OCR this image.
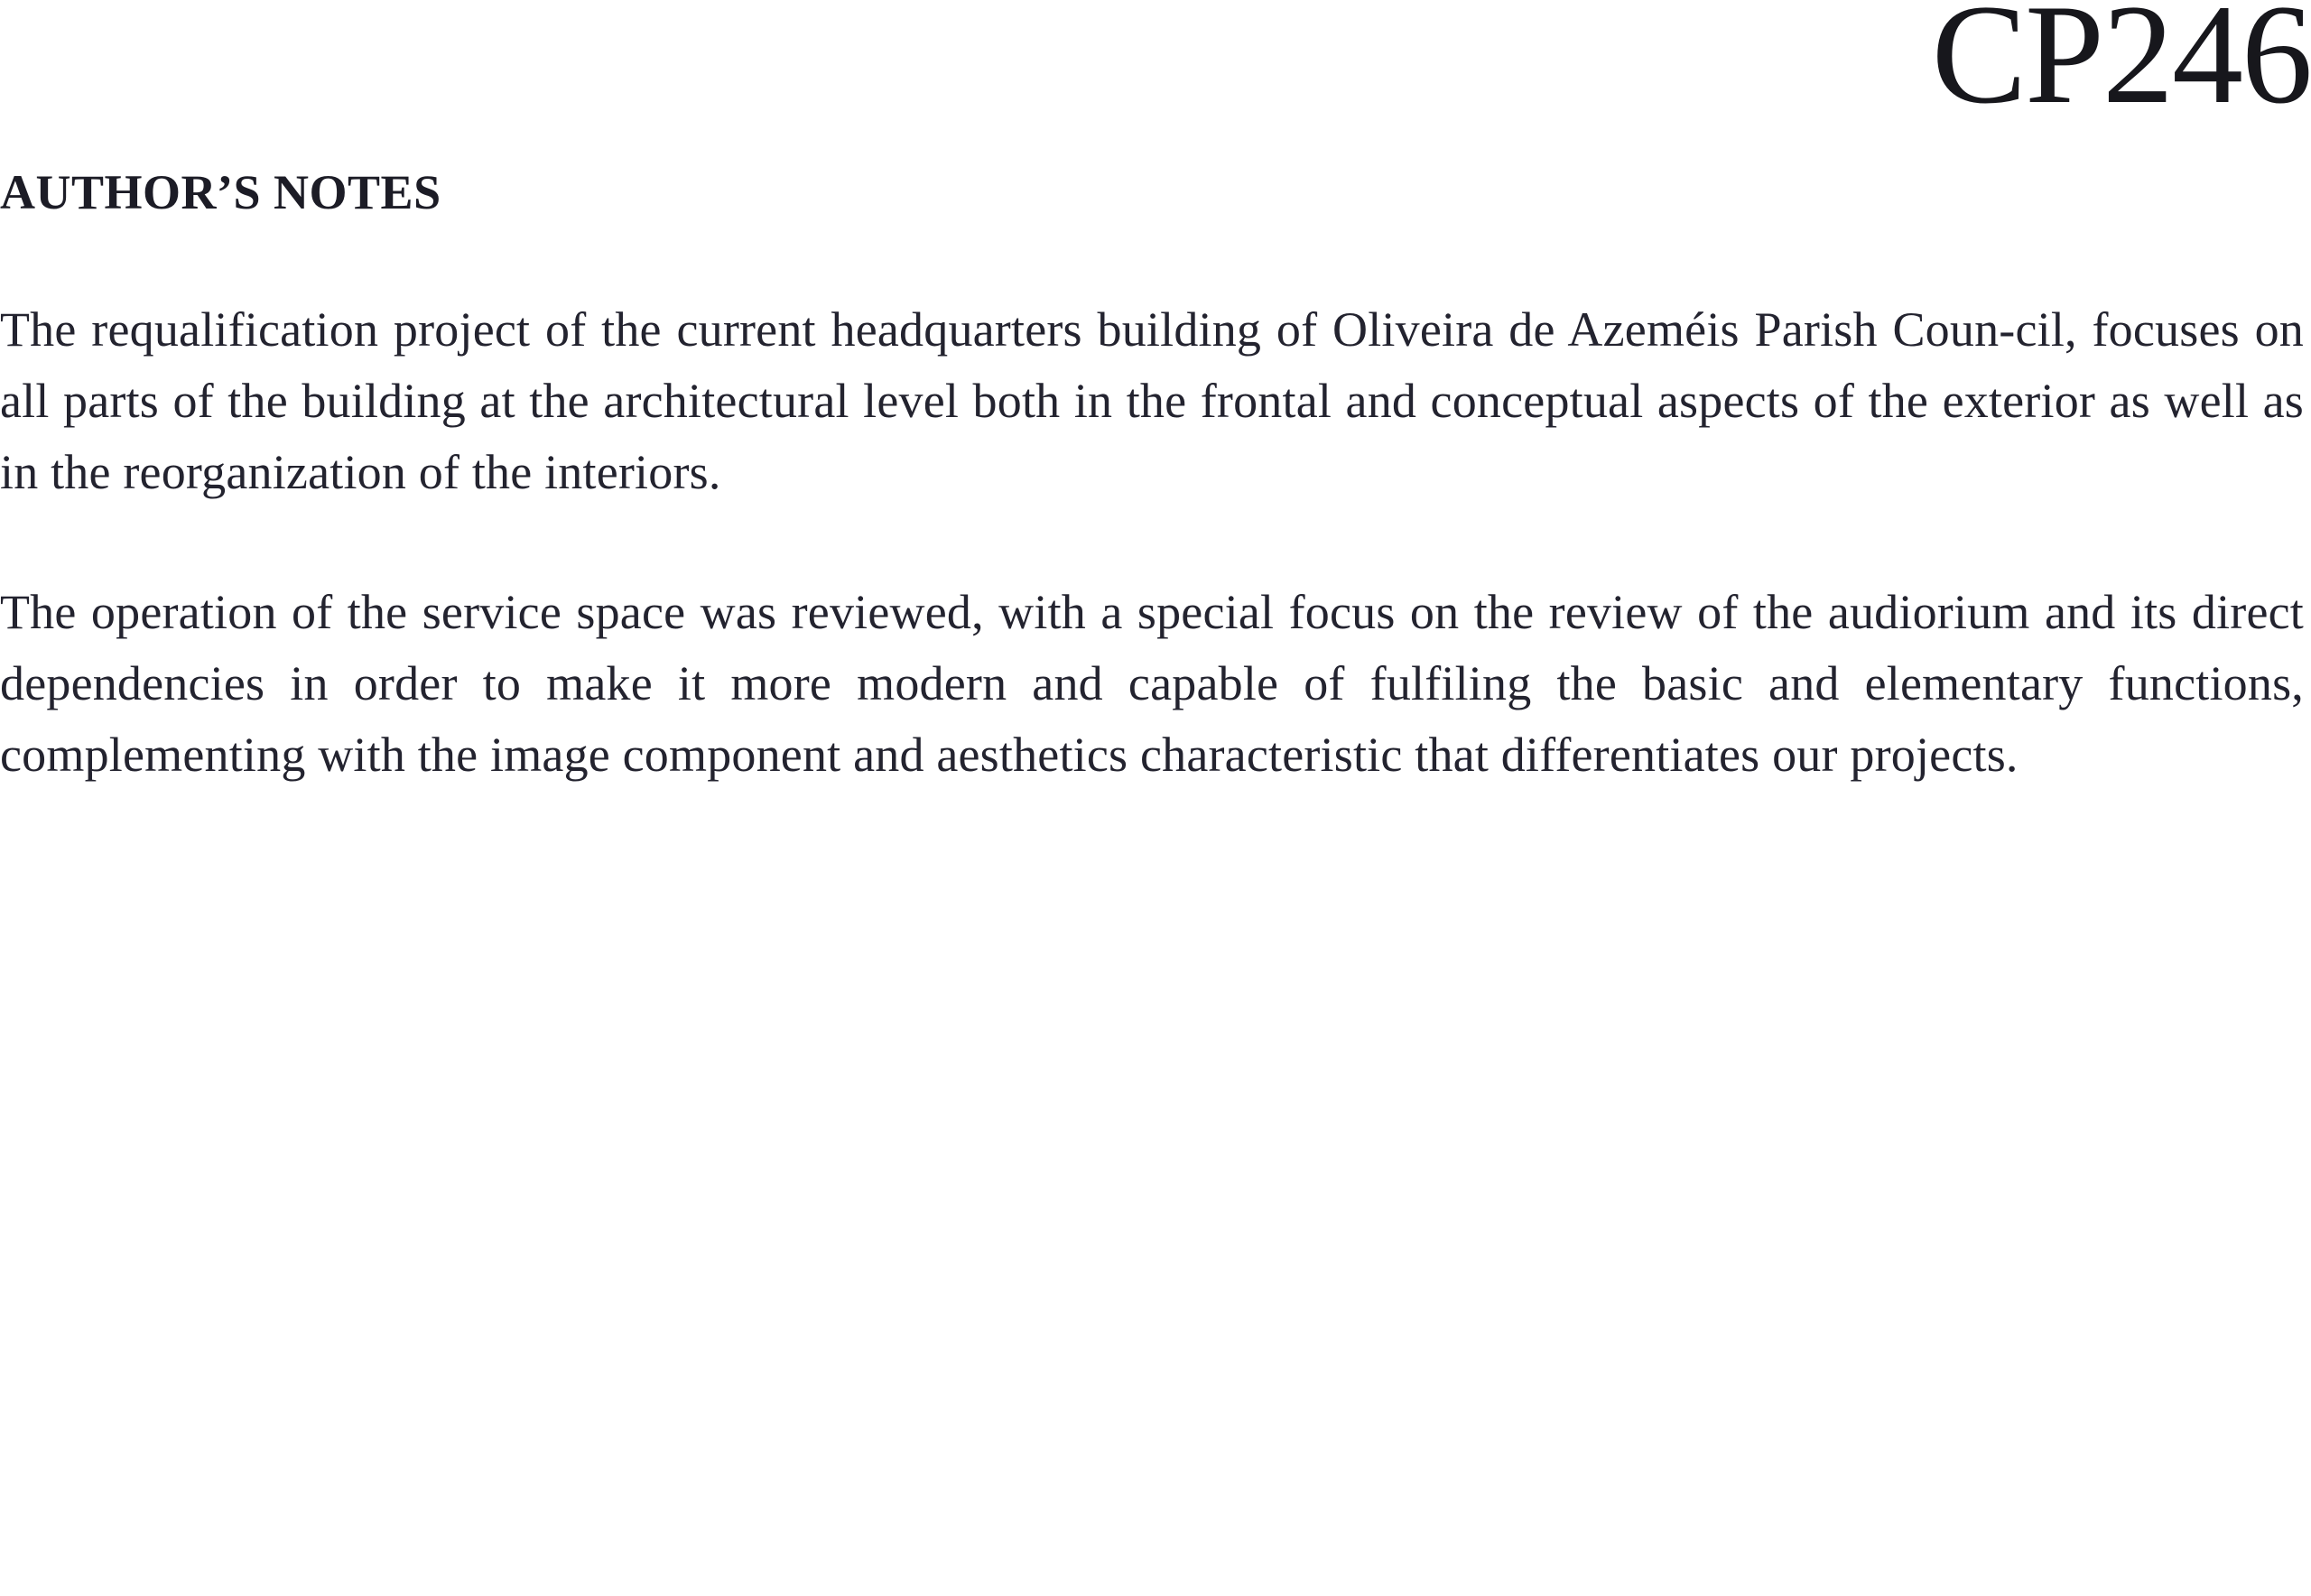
CP246
AUTHOR’S NOTES

The requalification project of the current headquarters building of Oliveira de Azeméis Parish Coun-cil, focuses on all parts of the building at the architectural level both in the frontal and conceptual aspects of the exterior as well as in the reorganization of the interiors.

The operation of the service space was reviewed, with a special focus on the review of the audiorium and its direct dependencies in order to make it more modern and capable of fulfiling the basic and elementary functions, complementing with the image component and aesthetics characteristic that differentiates our projects.
